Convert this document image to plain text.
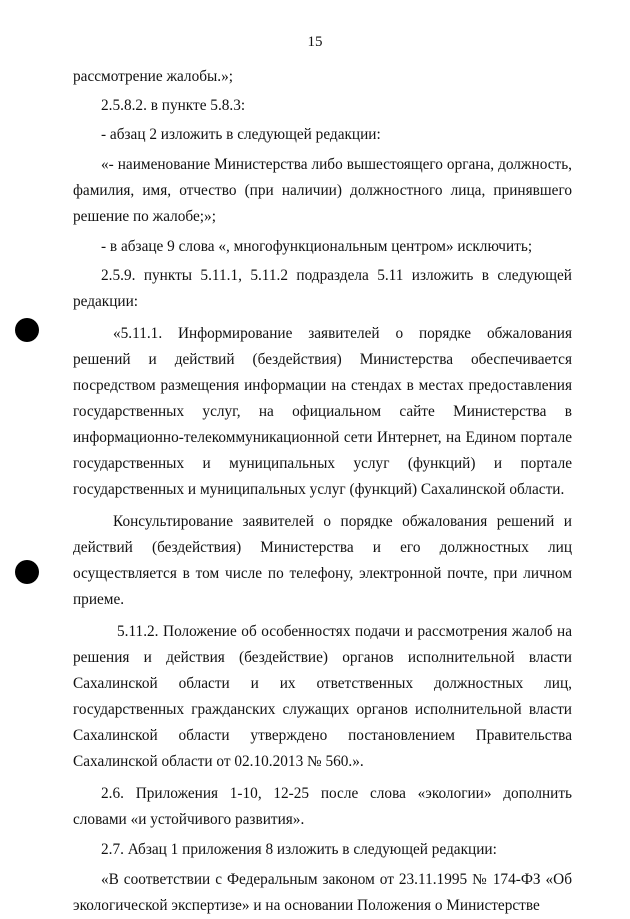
15

рассмотрение жалобы.»;

2.5.8.2. в пункте 5.8.3:

- абзац 2 изложить в следующей редакции:

«- наименование Министерства либо вышестоящего органа, должность, фамилия, имя, отчество (при наличии) должностного лица, принявшего решение по жалобе;»;

- в абзаце 9 слова «, многофункциональным центром» исключить;

2.5.9. пункты 5.11.1, 5.11.2 подраздела 5.11 изложить в следующей редакции:

«5.11.1. Информирование заявителей о порядке обжалования решений и действий (бездействия) Министерства обеспечивается посредством размещения информации на стендах в местах предоставления государственных услуг, на официальном сайте Министерства в информационно-телекоммуникационной сети Интернет, на Едином портале государственных и муниципальных услуг (функций) и портале государственных и муниципальных услуг (функций) Сахалинской области.

Консультирование заявителей о порядке обжалования решений и действий (бездействия) Министерства и его должностных лиц осуществляется в том числе по телефону, электронной почте, при личном приеме.

5.11.2. Положение об особенностях подачи и рассмотрения жалоб на решения и действия (бездействие) органов исполнительной власти Сахалинской области и их ответственных должностных лиц, государственных гражданских служащих органов исполнительной власти Сахалинской области утверждено постановлением Правительства Сахалинской области от 02.10.2013 № 560.».

2.6. Приложения 1-10, 12-25 после слова «экологии» дополнить словами «и устойчивого развития».

2.7. Абзац 1 приложения 8 изложить в следующей редакции:

«В соответствии с Федеральным законом от 23.11.1995 № 174-ФЗ «Об экологической экспертизе» и на основании Положения о Министерстве
